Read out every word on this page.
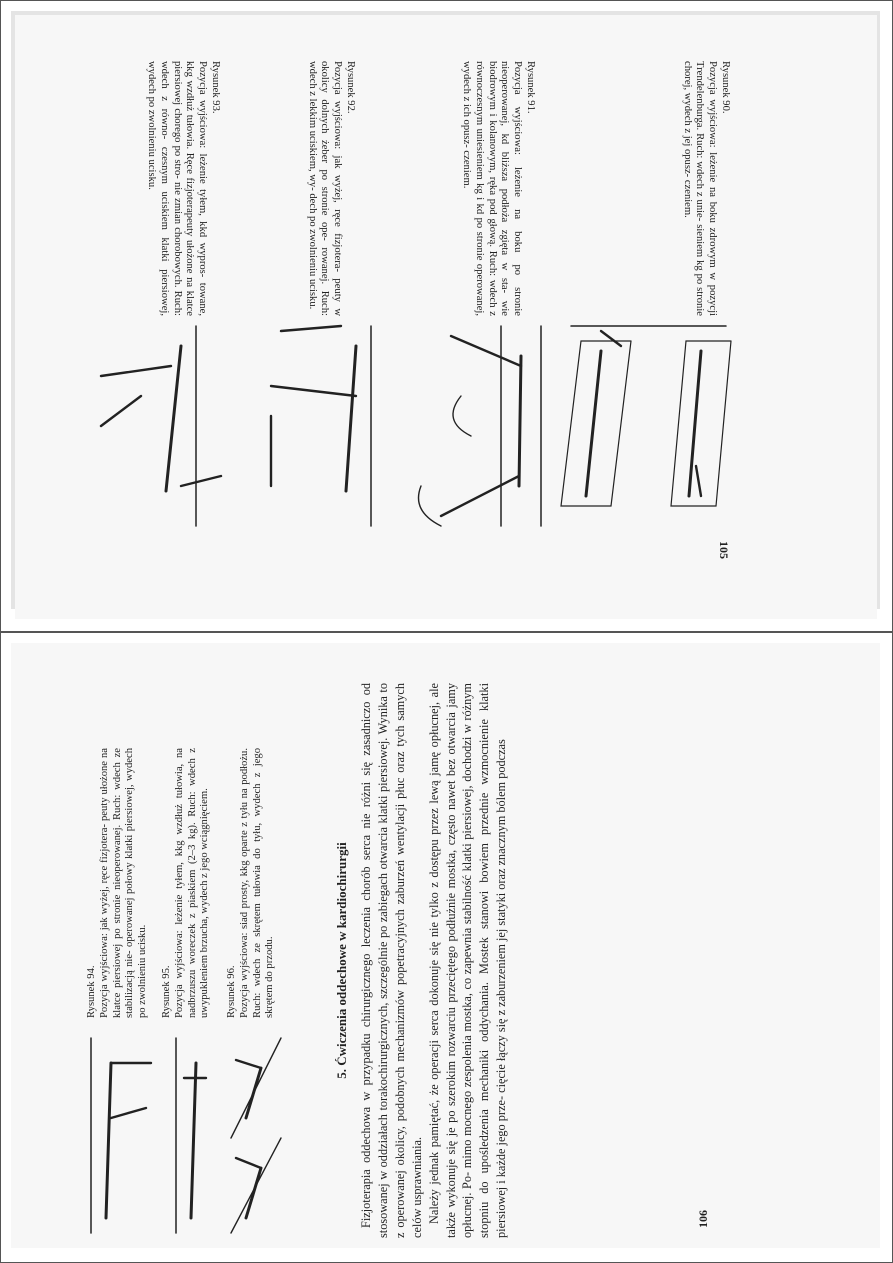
Rysunek 90.
Pozycja wyjściowa: leżenie na boku zdrowym w pozycji Trendelenburga. Ruch: wdech z unie- sieniem kg po stronie chorej, wydech z jej opusz- czeniem.
Rysunek 91.
Pozycja wyjściowa: leżenie na boku po stronie nieoperowanej, kd bliższa podłoża zgięta w sta- wie biodrowym i kolanowym, ręka pod głową. Ruch: wdech z równoczesnym uniesieniem kg i kd po stronie operowanej, wydech z ich opusz- czeniem.
Rysunek 92.
Pozycja wyjściowa: jak wyżej, ręce fizjotera- peuty w okolicy dolnych żeber po stronie ope- rowanej. Ruch: wdech z lekkim uciskiem, wy- dech po zwolnieniu ucisku.
Rysunek 93.
Pozycja wyjściowa: leżenie tyłem, kkd wypros- towane, kkg wzdłuż tułowia. Ręce fizjoterapeuty ułożone na klatce piersiowej chorego po stro- nie zmian chorobowych. Ruch: wdech z równo- czesnym uciskiem klatki piersiowej, wydech po zwolnieniu ucisku.
105
Rysunek 94. Pozycja wyjściowa: jak wyżej, ręce fizjotera- peuty ułożone na klatce piersiowej po stronie nieoperowanej. Ruch: wdech ze stabilizacją nie- operowanej połowy klatki piersiowej, wydech po zwolnieniu ucisku. Rysunek 95. Pozycja wyjściowa: leżenie tyłem, kkg wzdłuż tułowia, na nadbrzuszu woreczek z piaskiem (2–3 kg). Ruch: wdech z uwypukleniem brzucha, wydech z jego wciągnięciem. Rysunek 96. Pozycja wyjściowa: siad prosty, kkg oparte z tyłu na podłożu. Ruch: wdech ze skrętem tułowia do tyłu, wydech z jego skrętem do przodu.	5. Ćwiczenia oddechowe w kardiochirurgii Fizjoterapia oddechowa w przypadku chirurgicznego leczenia chorób serca nie różni się zasadniczo od stosowanej w oddziałach torakochirurgicznych, szczególnie po zabiegach otwarcia klatki piersiowej. Wynika to z operowanej okolicy, podobnych mechanizmów popetracyjnych zaburzeń wentylacji płuc oraz tych samych celów usprawniania. Należy jednak pamiętać, że operacji serca dokonuje się nie tylko z dostępu przez lewą jamę opłucnej, ale także wykonuje się je po szerokim rozwarciu przeciętego podłużnie mostka, często nawet bez otwarcia jamy opłucnej. Po- mimo mocnego zespolenia mostka, co zapewnia stabilność klatki piersiowej, dochodzi w różnym stopniu do upośledzenia mechaniki oddychania. Mostek stanowi bowiem przednie wzmocnienie klatki piersiowej i każde jego prze- cięcie łączy się z zaburzeniem jej statyki oraz znacznym bólem podczas	106
